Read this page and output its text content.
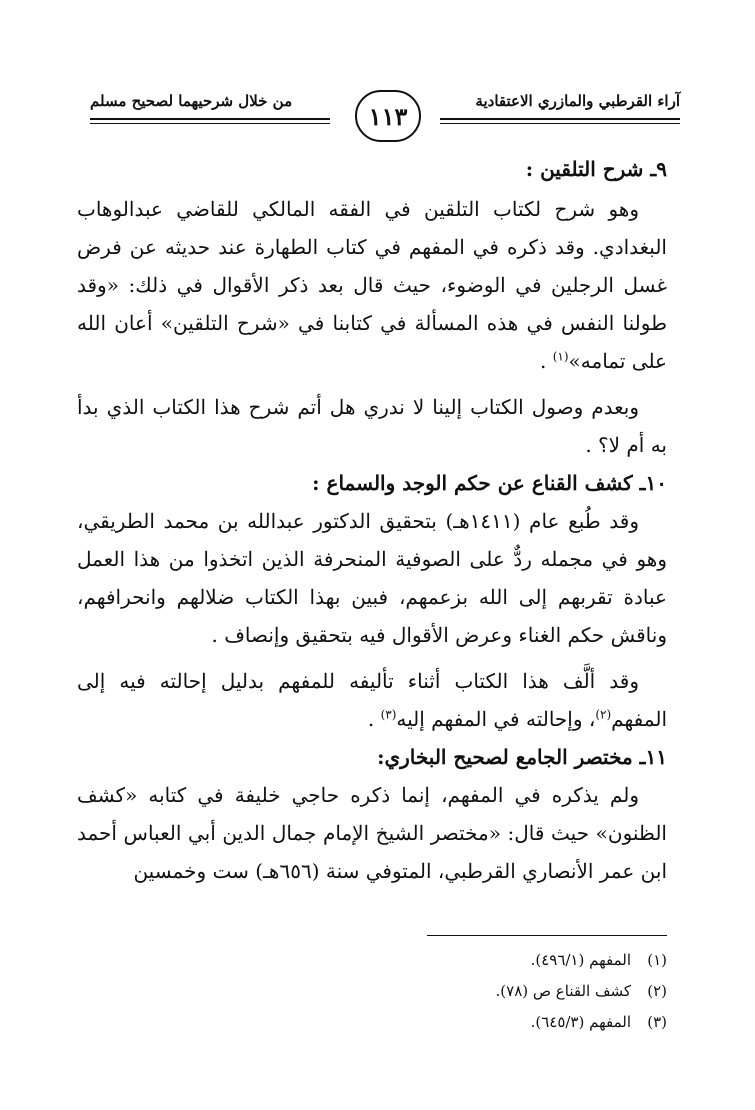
آراء القرطبي والمازري الاعتقادية
١١٣
من خلال شرحيهما لصحيح مسلم

٩ـ شرح التلقين :

وهو شرح لكتاب التلقين في الفقه المالكي للقاضي عبدالوهاب البغدادي. وقد ذكره في المفهم في كتاب الطهارة عند حديثه عن فرض غسل الرجلين في الوضوء، حيث قال بعد ذكر الأقوال في ذلك: «وقد طولنا النفس في هذه المسألة في كتابنا في «شرح التلقين» أعان الله على تمامه»$^{(١)}$ .

وبعدم وصول الكتاب إلينا لا ندري هل أتم شرح هذا الكتاب الذي بدأ به أم لا؟ .

١٠ـ كشف القناع عن حكم الوجد والسماع :

وقد طُبع عام (١٤١١هـ) بتحقيق الدكتور عبدالله بن محمد الطريقي، وهو في مجمله ردٌّ على الصوفية المنحرفة الذين اتخذوا من هذا العمل عبادة تقربهم إلى الله بزعمهم، فبين بهذا الكتاب ضلالهم وانحرافهم، وناقش حكم الغناء وعرض الأقوال فيه بتحقيق وإنصاف .

وقد ألَّف هذا الكتاب أثناء تأليفه للمفهم بدليل إحالته فيه إلى المفهم$^{(٢)}$، وإحالته في المفهم إليه$^{(٣)}$ .

١١ـ مختصر الجامع لصحيح البخاري:

ولم يذكره في المفهم، إنما ذكره حاجي خليفة في كتابه «كشف الظنون» حيث قال: «مختصر الشيخ الإمام جمال الدين أبي العباس أحمد ابن عمر الأنصاري القرطبي، المتوفي سنة (٦٥٦هـ) ست وخمسين

(١)المفهم (٤٩٦/١).
(٢)كشف القناع ص (٧٨).
(٣)المفهم (٦٤٥/٣).
